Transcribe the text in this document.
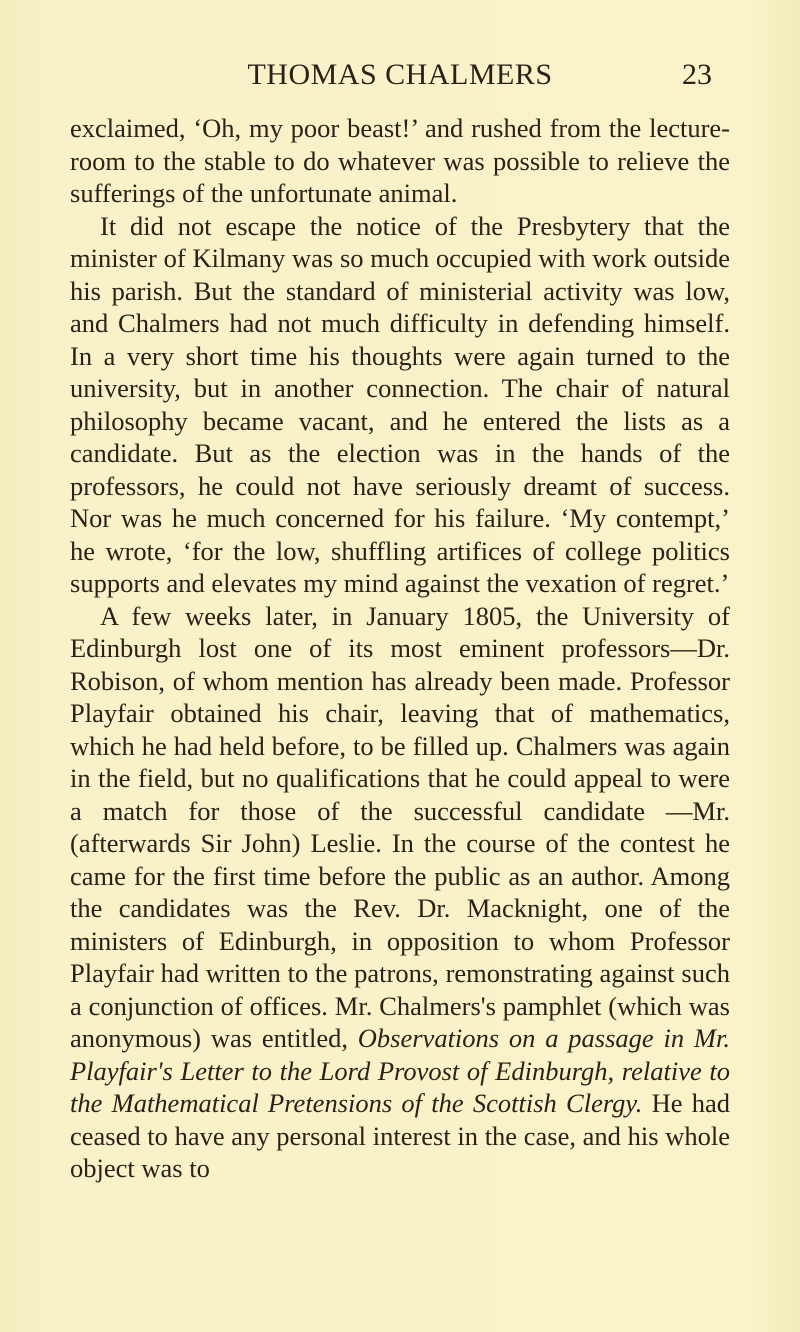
THOMAS CHALMERS	23

exclaimed, ‘Oh, my poor beast!’ and rushed from the lecture-room to the stable to do whatever was possible to relieve the sufferings of the unfortunate animal.

It did not escape the notice of the Presbytery that the minister of Kilmany was so much occupied with work outside his parish. But the standard of ministerial activity was low, and Chalmers had not much difficulty in defending himself. In a very short time his thoughts were again turned to the university, but in another connection. The chair of natural philosophy became vacant, and he entered the lists as a candidate. But as the election was in the hands of the professors, he could not have seriously dreamt of success. Nor was he much concerned for his failure. ‘My contempt,’ he wrote, ‘for the low, shuffling artifices of college politics supports and elevates my mind against the vexation of regret.’

A few weeks later, in January 1805, the University of Edinburgh lost one of its most eminent professors—Dr. Robison, of whom mention has already been made. Professor Playfair obtained his chair, leaving that of mathematics, which he had held before, to be filled up. Chalmers was again in the field, but no qualifications that he could appeal to were a match for those of the successful candidate —Mr. (afterwards Sir John) Leslie. In the course of the contest he came for the first time before the public as an author. Among the candidates was the Rev. Dr. Macknight, one of the ministers of Edinburgh, in opposition to whom Professor Playfair had written to the patrons, remonstrating against such a conjunction of offices. Mr. Chalmers's pamphlet (which was anonymous) was entitled, Observations on a passage in Mr. Playfair's Letter to the Lord Provost of Edinburgh, relative to the Mathematical Pretensions of the Scottish Clergy. He had ceased to have any personal interest in the case, and his whole object was to
